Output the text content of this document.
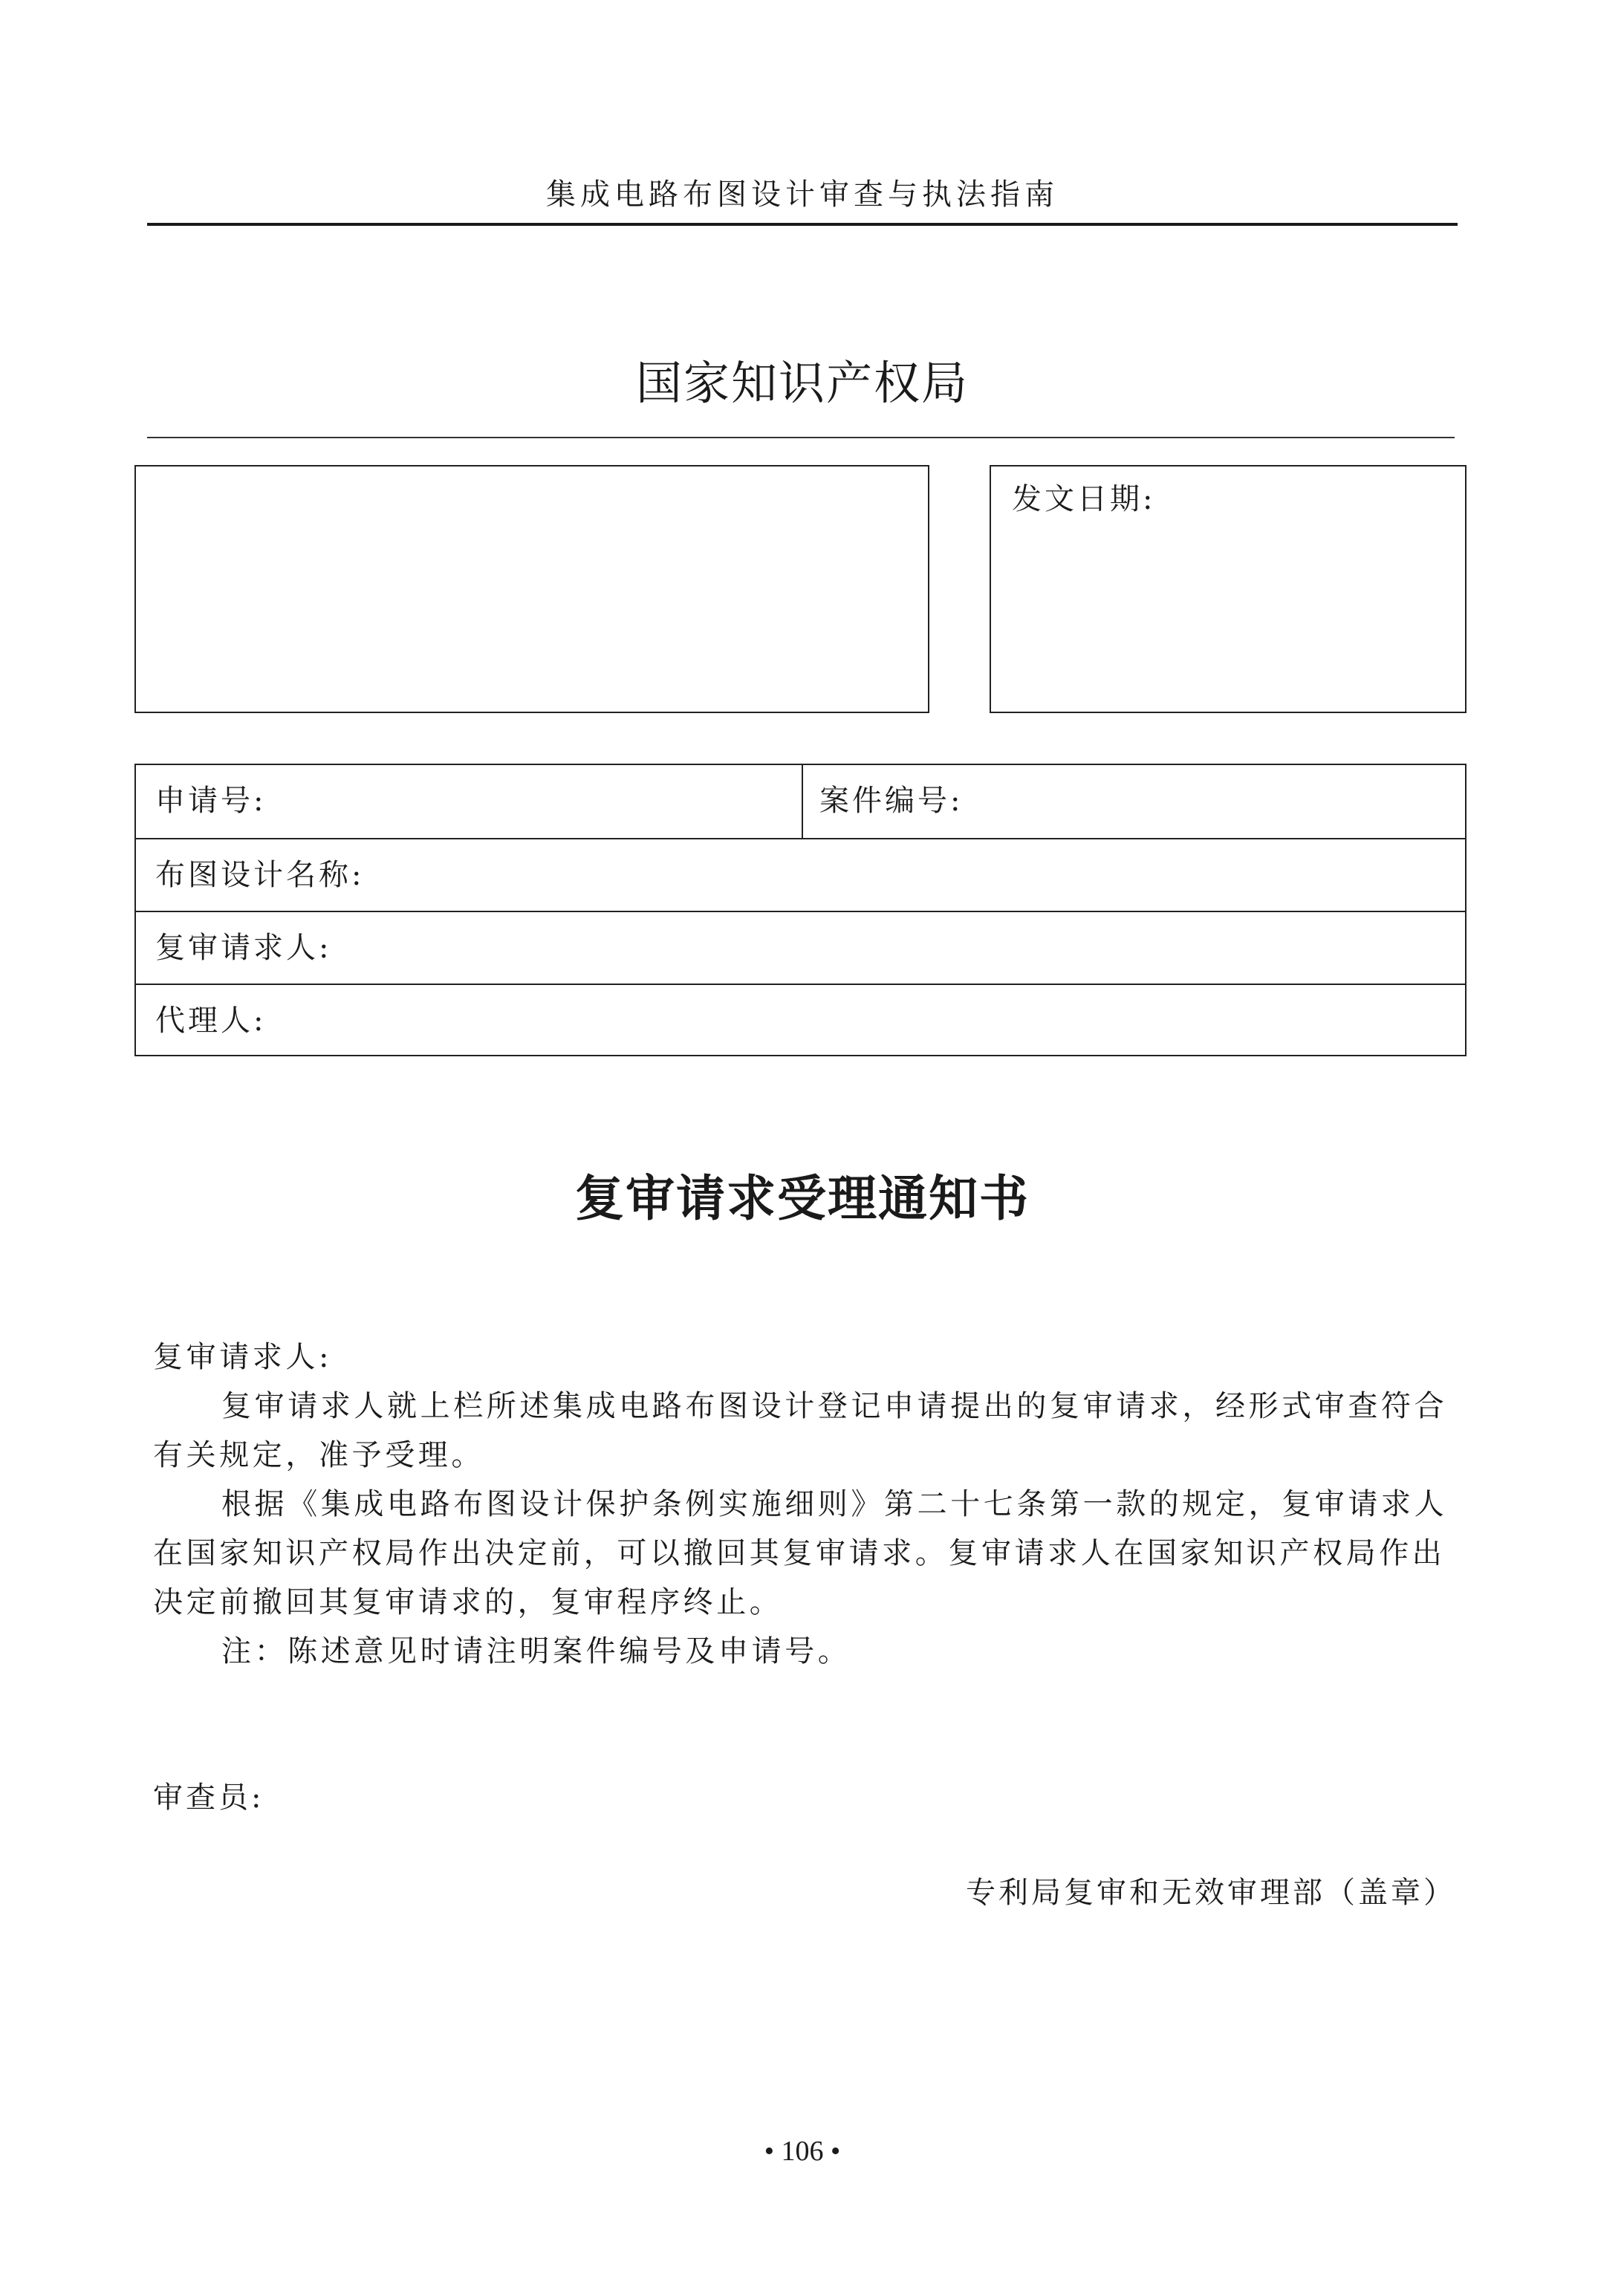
集成电路布图设计审查与执法指南
国家知识产权局
发文日期:
申请号:	案件编号:
布图设计名称:
复审请求人:
代理人:
复审请求受理通知书

复审请求人:

复审请求人就上栏所述集成电路布图设计登记申请提出的复审请求，经形式审查符合有关规定，准予受理。

根据《集成电路布图设计保护条例实施细则》第二十七条第一款的规定，复审请求人在国家知识产权局作出决定前，可以撤回其复审请求。复审请求人在国家知识产权局作出决定前撤回其复审请求的，复审程序终止。

注：陈述意见时请注明案件编号及申请号。

审查员:
专利局复审和无效审理部（盖章）
• 106 •
